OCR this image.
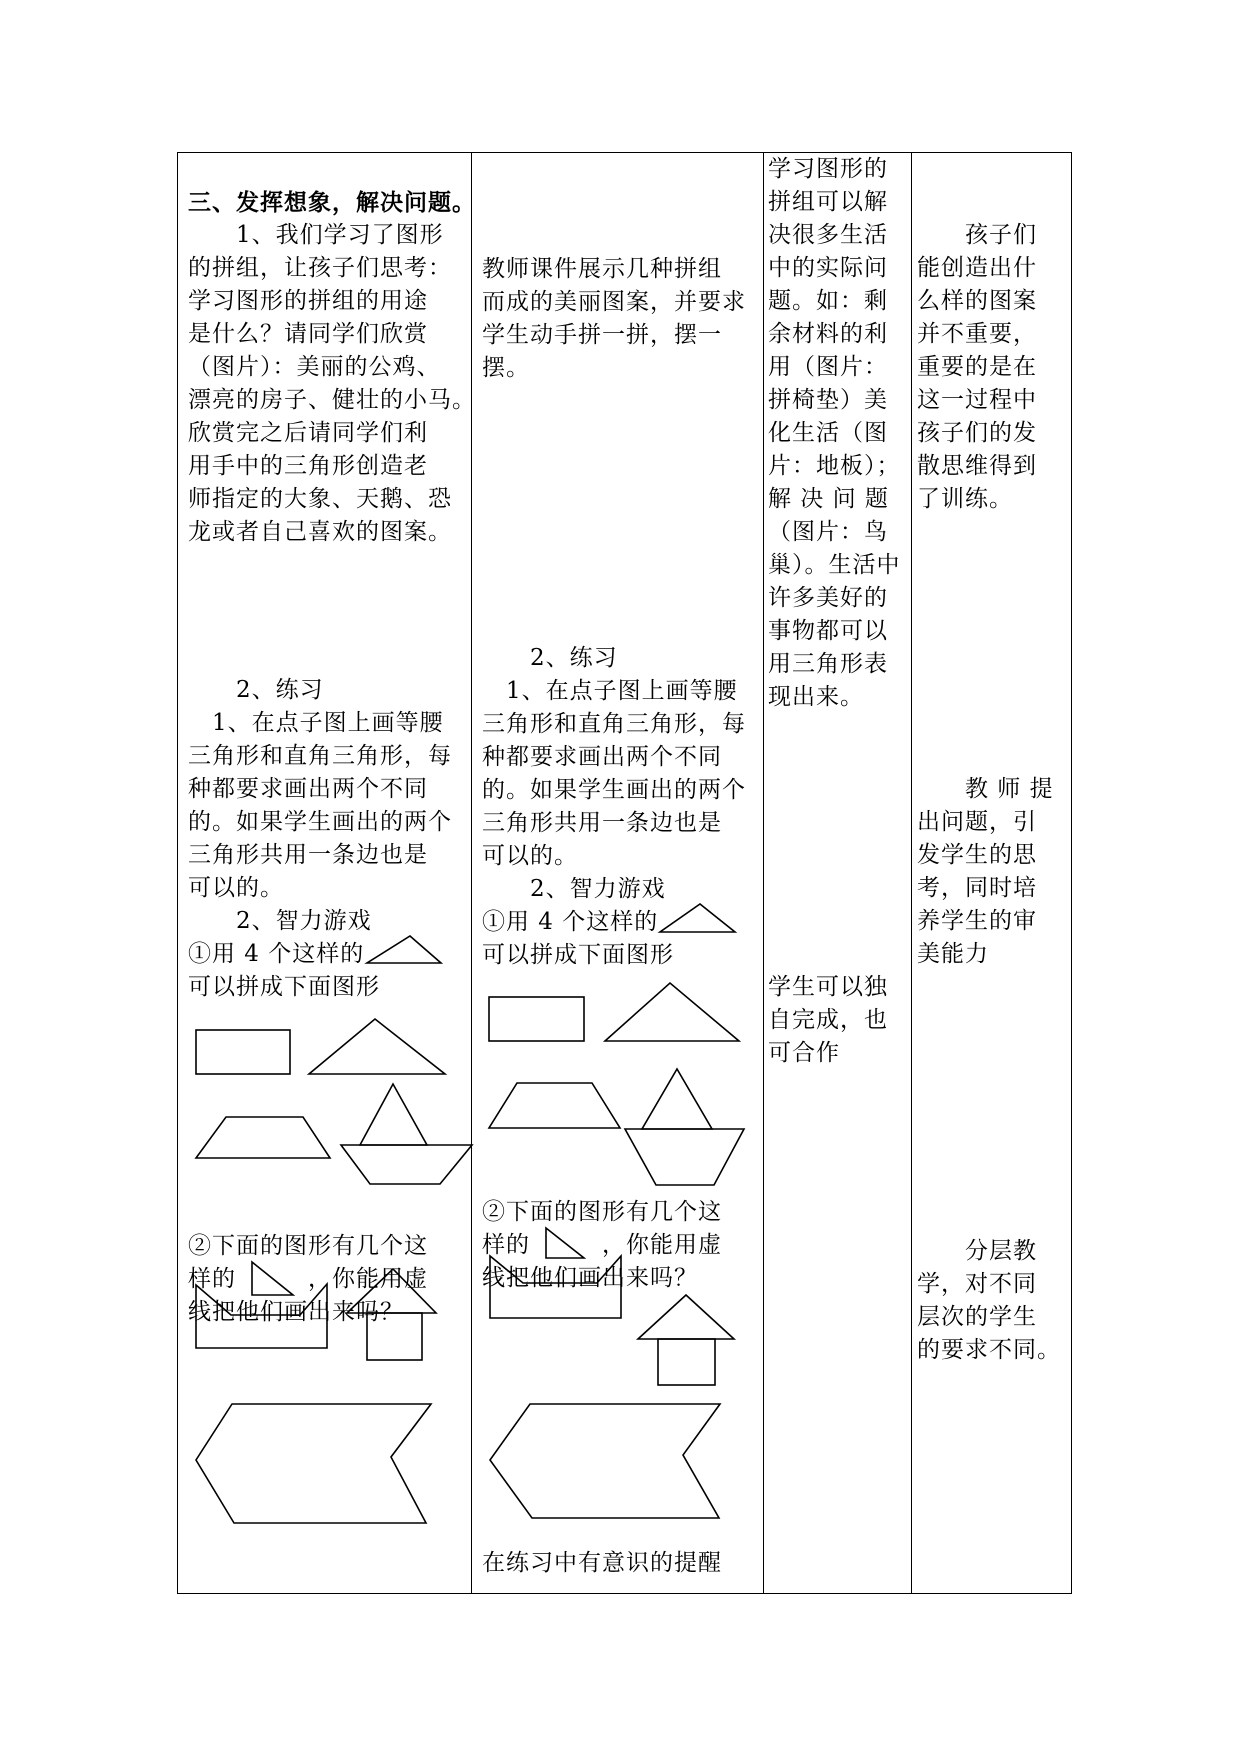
三、发挥想象，解决问题。
　　1、我们学习了图形
的拼组，让孩子们思考：
学习图形的拼组的用途
是什么？请同学们欣赏
（图片）：美丽的公鸡、
漂亮的房子、健壮的小马。
欣赏完之后请同学们利
用手中的三角形创造老
师指定的大象、天鹅、恐
龙或者自己喜欢的图案。
　　2、练习
　1、在点子图上画等腰
三角形和直角三角形，每
种都要求画出两个不同
的。如果学生画出的两个
三角形共用一条边也是
可以的。
　　2、智力游戏
①用 4 个这样的
可以拼成下面图形
②下面的图形有几个这
样的　　　，你能用虚
线把他们画出来吗？
教师课件展示几种拼组
而成的美丽图案，并要求
学生动手拼一拼，摆一
摆。
　　2、练习
　1、在点子图上画等腰
三角形和直角三角形，每
种都要求画出两个不同
的。如果学生画出的两个
三角形共用一条边也是
可以的。
　　2、智力游戏
①用 4 个这样的
可以拼成下面图形
②下面的图形有几个这
样的　　　，你能用虚
线把他们画出来吗？
在练习中有意识的提醒
学习图形的
拼组可以解
决很多生活
中的实际问
题。如：剩
余材料的利
用（图片：
拼椅垫）美
化生活（图
片：地板）；
解 决 问 题
（图片：鸟
巢）。生活中
许多美好的
事物都可以
用三角形表
现出来。
学生可以独
自完成，也
可合作
　　孩子们
能创造出什
么样的图案
并不重要，
重要的是在
这一过程中
孩子们的发
散思维得到
了训练。
　　教 师 提
出问题，引
发学生的思
考，同时培
养学生的审
美能力
　　分层教
学，对不同
层次的学生
的要求不同。
